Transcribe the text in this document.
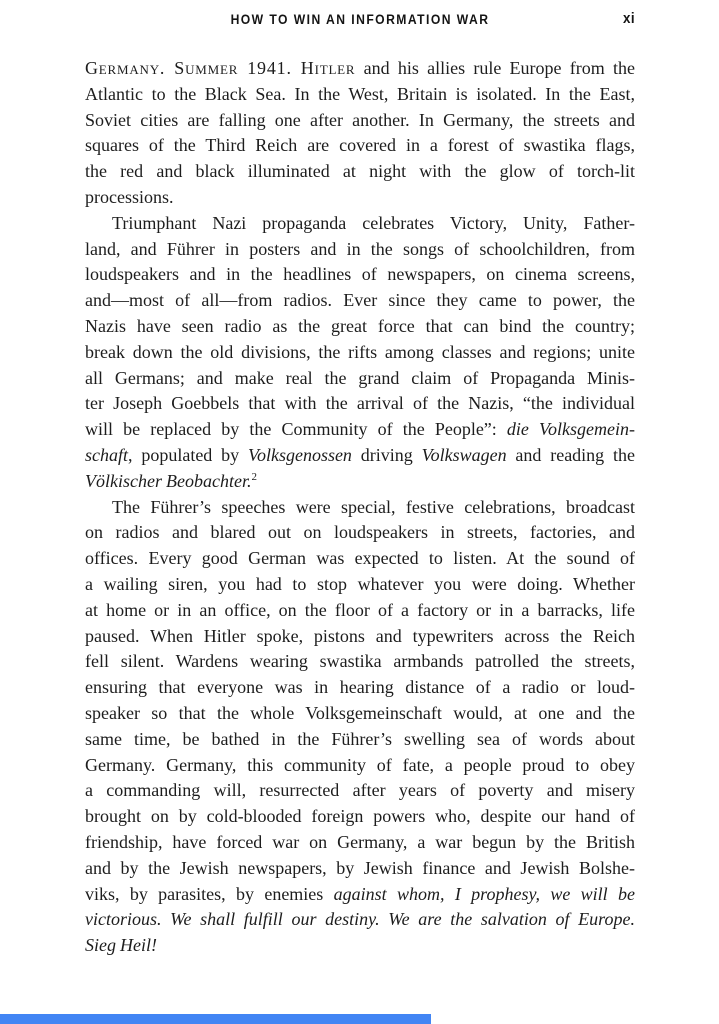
HOW TO WIN AN INFORMATION WAR	xi
Germany. Summer 1941. Hitler and his allies rule Europe from the
Atlantic to the Black Sea. In the West, Britain is isolated. In the East,
Soviet cities are falling one after another. In Germany, the streets and
squares of the Third Reich are covered in a forest of swastika flags,
the red and black illuminated at night with the glow of torch-lit
processions.
Triumphant Nazi propaganda celebrates Victory, Unity, Father-
land, and Führer in posters and in the songs of schoolchildren, from
loudspeakers and in the headlines of newspapers, on cinema screens,
and—most of all—from radios. Ever since they came to power, the
Nazis have seen radio as the great force that can bind the country;
break down the old divisions, the rifts among classes and regions; unite
all Germans; and make real the grand claim of Propaganda Minis-
ter Joseph Goebbels that with the arrival of the Nazis, “the individual
will be replaced by the Community of the People”: die Volksgemein-
schaft, populated by Volksgenossen driving Volkswagen and reading the
Völkischer Beobachter.$^2$
The Führer’s speeches were special, festive celebrations, broadcast
on radios and blared out on loudspeakers in streets, factories, and
offices. Every good German was expected to listen. At the sound of
a wailing siren, you had to stop whatever you were doing. Whether
at home or in an office, on the floor of a factory or in a barracks, life
paused. When Hitler spoke, pistons and typewriters across the Reich
fell silent. Wardens wearing swastika armbands patrolled the streets,
ensuring that everyone was in hearing distance of a radio or loud-
speaker so that the whole Volksgemeinschaft would, at one and the
same time, be bathed in the Führer’s swelling sea of words about
Germany. Germany, this community of fate, a people proud to obey
a commanding will, resurrected after years of poverty and misery
brought on by cold-blooded foreign powers who, despite our hand of
friendship, have forced war on Germany, a war begun by the British
and by the Jewish newspapers, by Jewish finance and Jewish Bolshe-
viks, by parasites, by enemies against whom, I prophesy, we will be
victorious. We shall fulfill our destiny. We are the salvation of Europe.
Sieg Heil!
